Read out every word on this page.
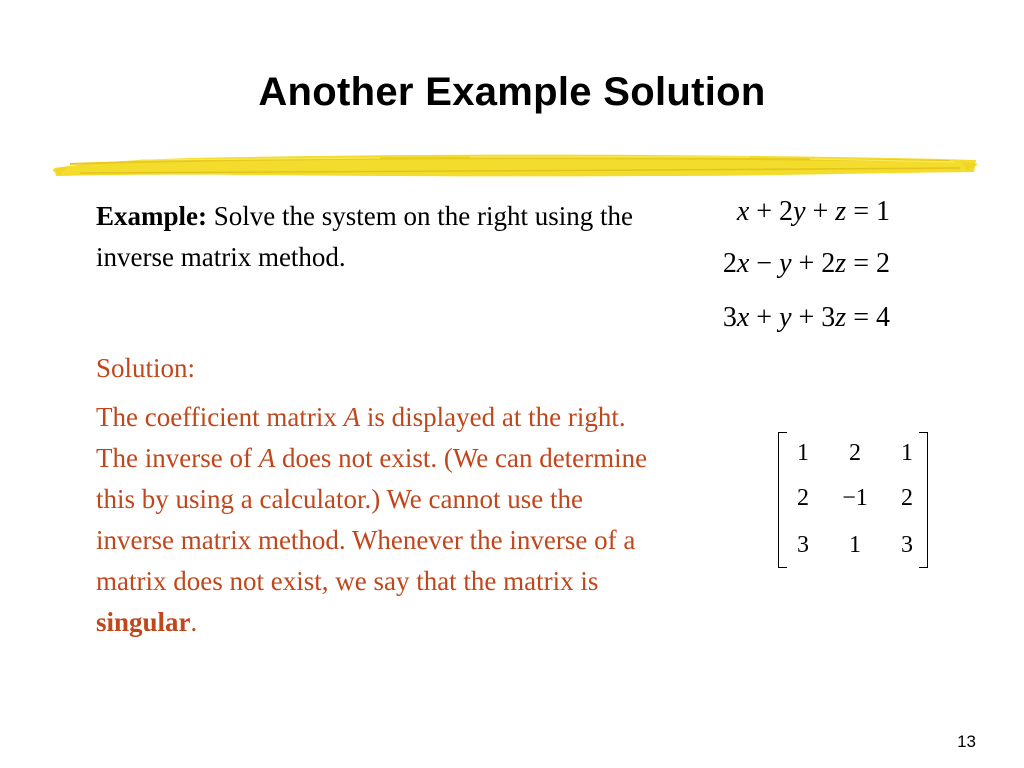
Another Example Solution

Example: Solve the system on the right using the inverse matrix method.

Solution:

The coefficient matrix A is displayed at the right. The inverse of A does not exist. (We can determine this by using a calculator.) We cannot use the inverse matrix method. Whenever the inverse of a matrix does not exist, we say that the matrix is singular.

x + 2y + z = 1
2x − y + 2z = 2
3x + y + 3z = 4
1	2	1
2	−1	2
3	1	3
13
